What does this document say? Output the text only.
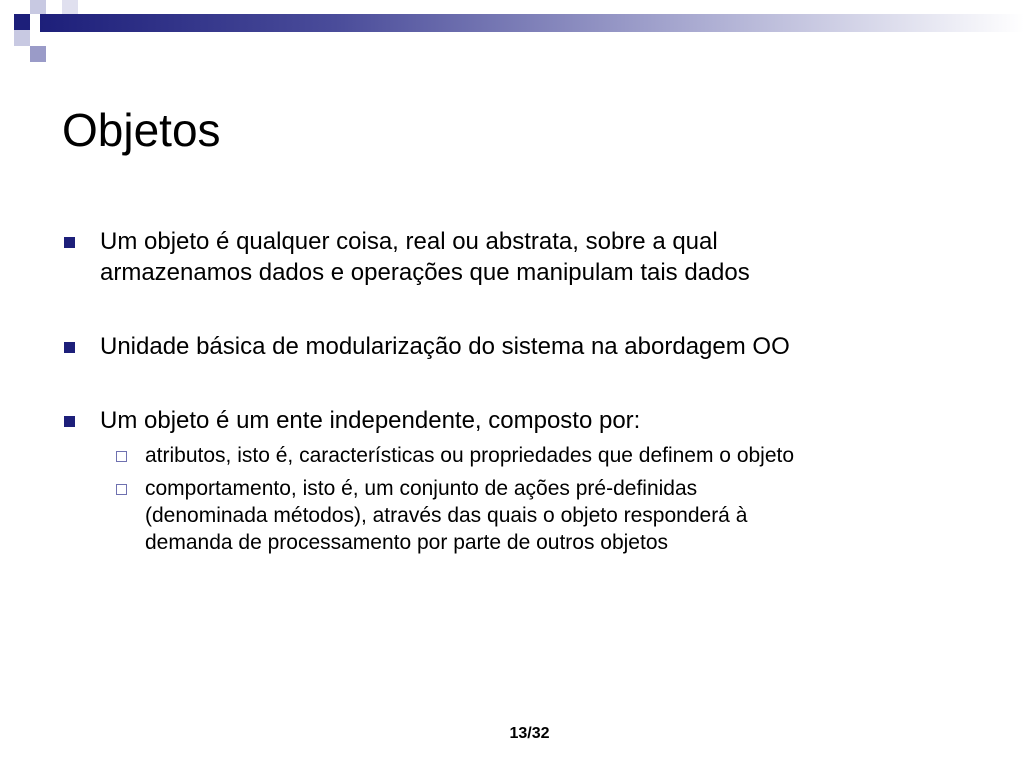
Objetos
Um objeto é qualquer coisa, real ou abstrata, sobre a qual
armazenamos dados e operações que manipulam tais dados
Unidade básica de modularização do sistema na abordagem OO
Um objeto é um ente independente, composto por:
atributos, isto é, características ou propriedades que definem o objeto
comportamento, isto é, um conjunto de ações pré-definidas
(denominada métodos), através das quais o objeto responderá à
demanda de processamento por parte de outros objetos
13/32
